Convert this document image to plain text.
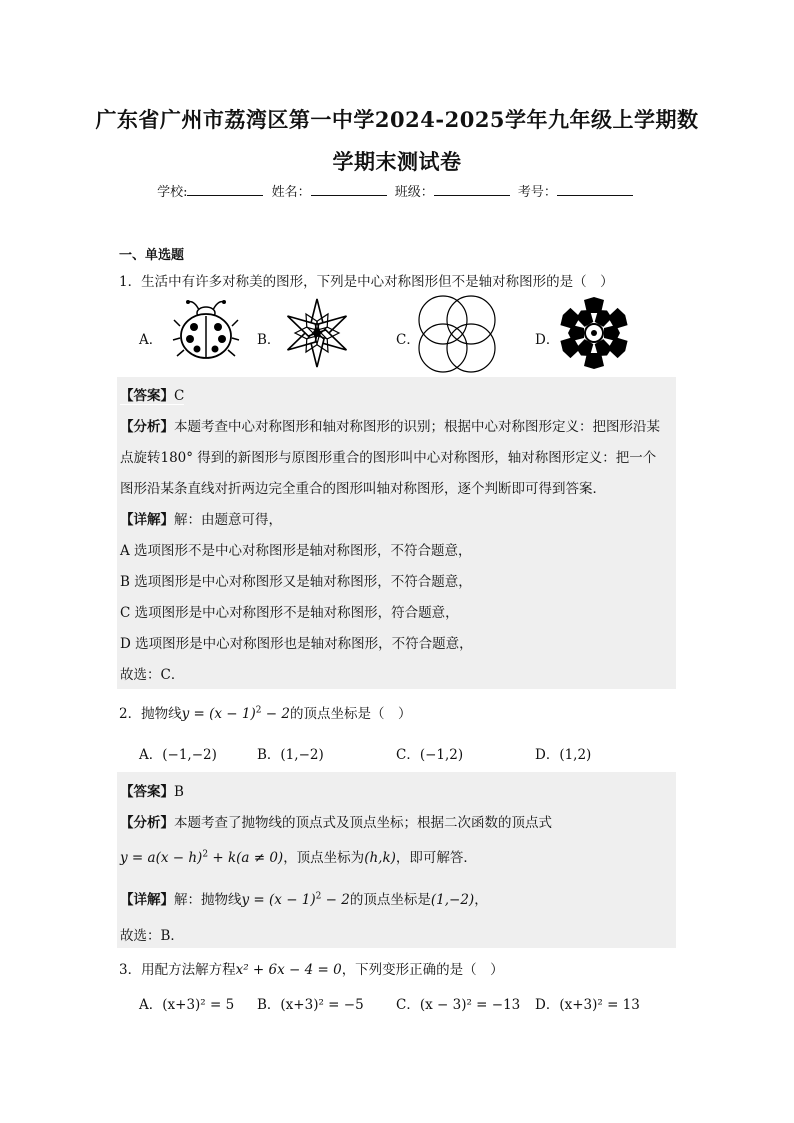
广东省广州市荔湾区第一中学2024-2025学年九年级上学期数
学期末测试卷
学校:	姓名：	班级：	考号：
一、单选题
1．生活中有许多对称美的图形，下列是中心对称图形但不是轴对称图形的是（　）
A．	B．	C．	D．
【答案】C
【分析】本题考查中心对称图形和轴对称图形的识别；根据中心对称图形定义：把图形沿某
点旋转180° 得到的新图形与原图形重合的图形叫中心对称图形，轴对称图形定义：把一个
图形沿某条直线对折两边完全重合的图形叫轴对称图形，逐个判断即可得到答案．
【详解】解：由题意可得，
A 选项图形不是中心对称图形是轴对称图形，不符合题意，
B 选项图形是中心对称图形又是轴对称图形，不符合题意，
C 选项图形是中心对称图形不是轴对称图形，符合题意，
D 选项图形是中心对称图形也是轴对称图形，不符合题意，
故选：C．
2．抛物线$y = (x - 1)^2 - 2$的顶点坐标是（　）
A．(−1,−2)	B．(1,−2)	C．(−1,2)	D．(1,2)
【答案】B
【分析】本题考查了抛物线的顶点式及顶点坐标；根据二次函数的顶点式
$y = a(x - h)^2 + k(a \ne 0)$，顶点坐标为(h,k)，即可解答．
【详解】解：抛物线$y = (x - 1)^2 - 2$的顶点坐标是(1,−2)，
故选：B．
3．用配方法解方程x² + 6x − 4 = 0，下列变形正确的是（　）
A．(x+3)² = 5 B．(x+3)² = −5 C．(x − 3)² = −13 D．(x+3)² = 13
